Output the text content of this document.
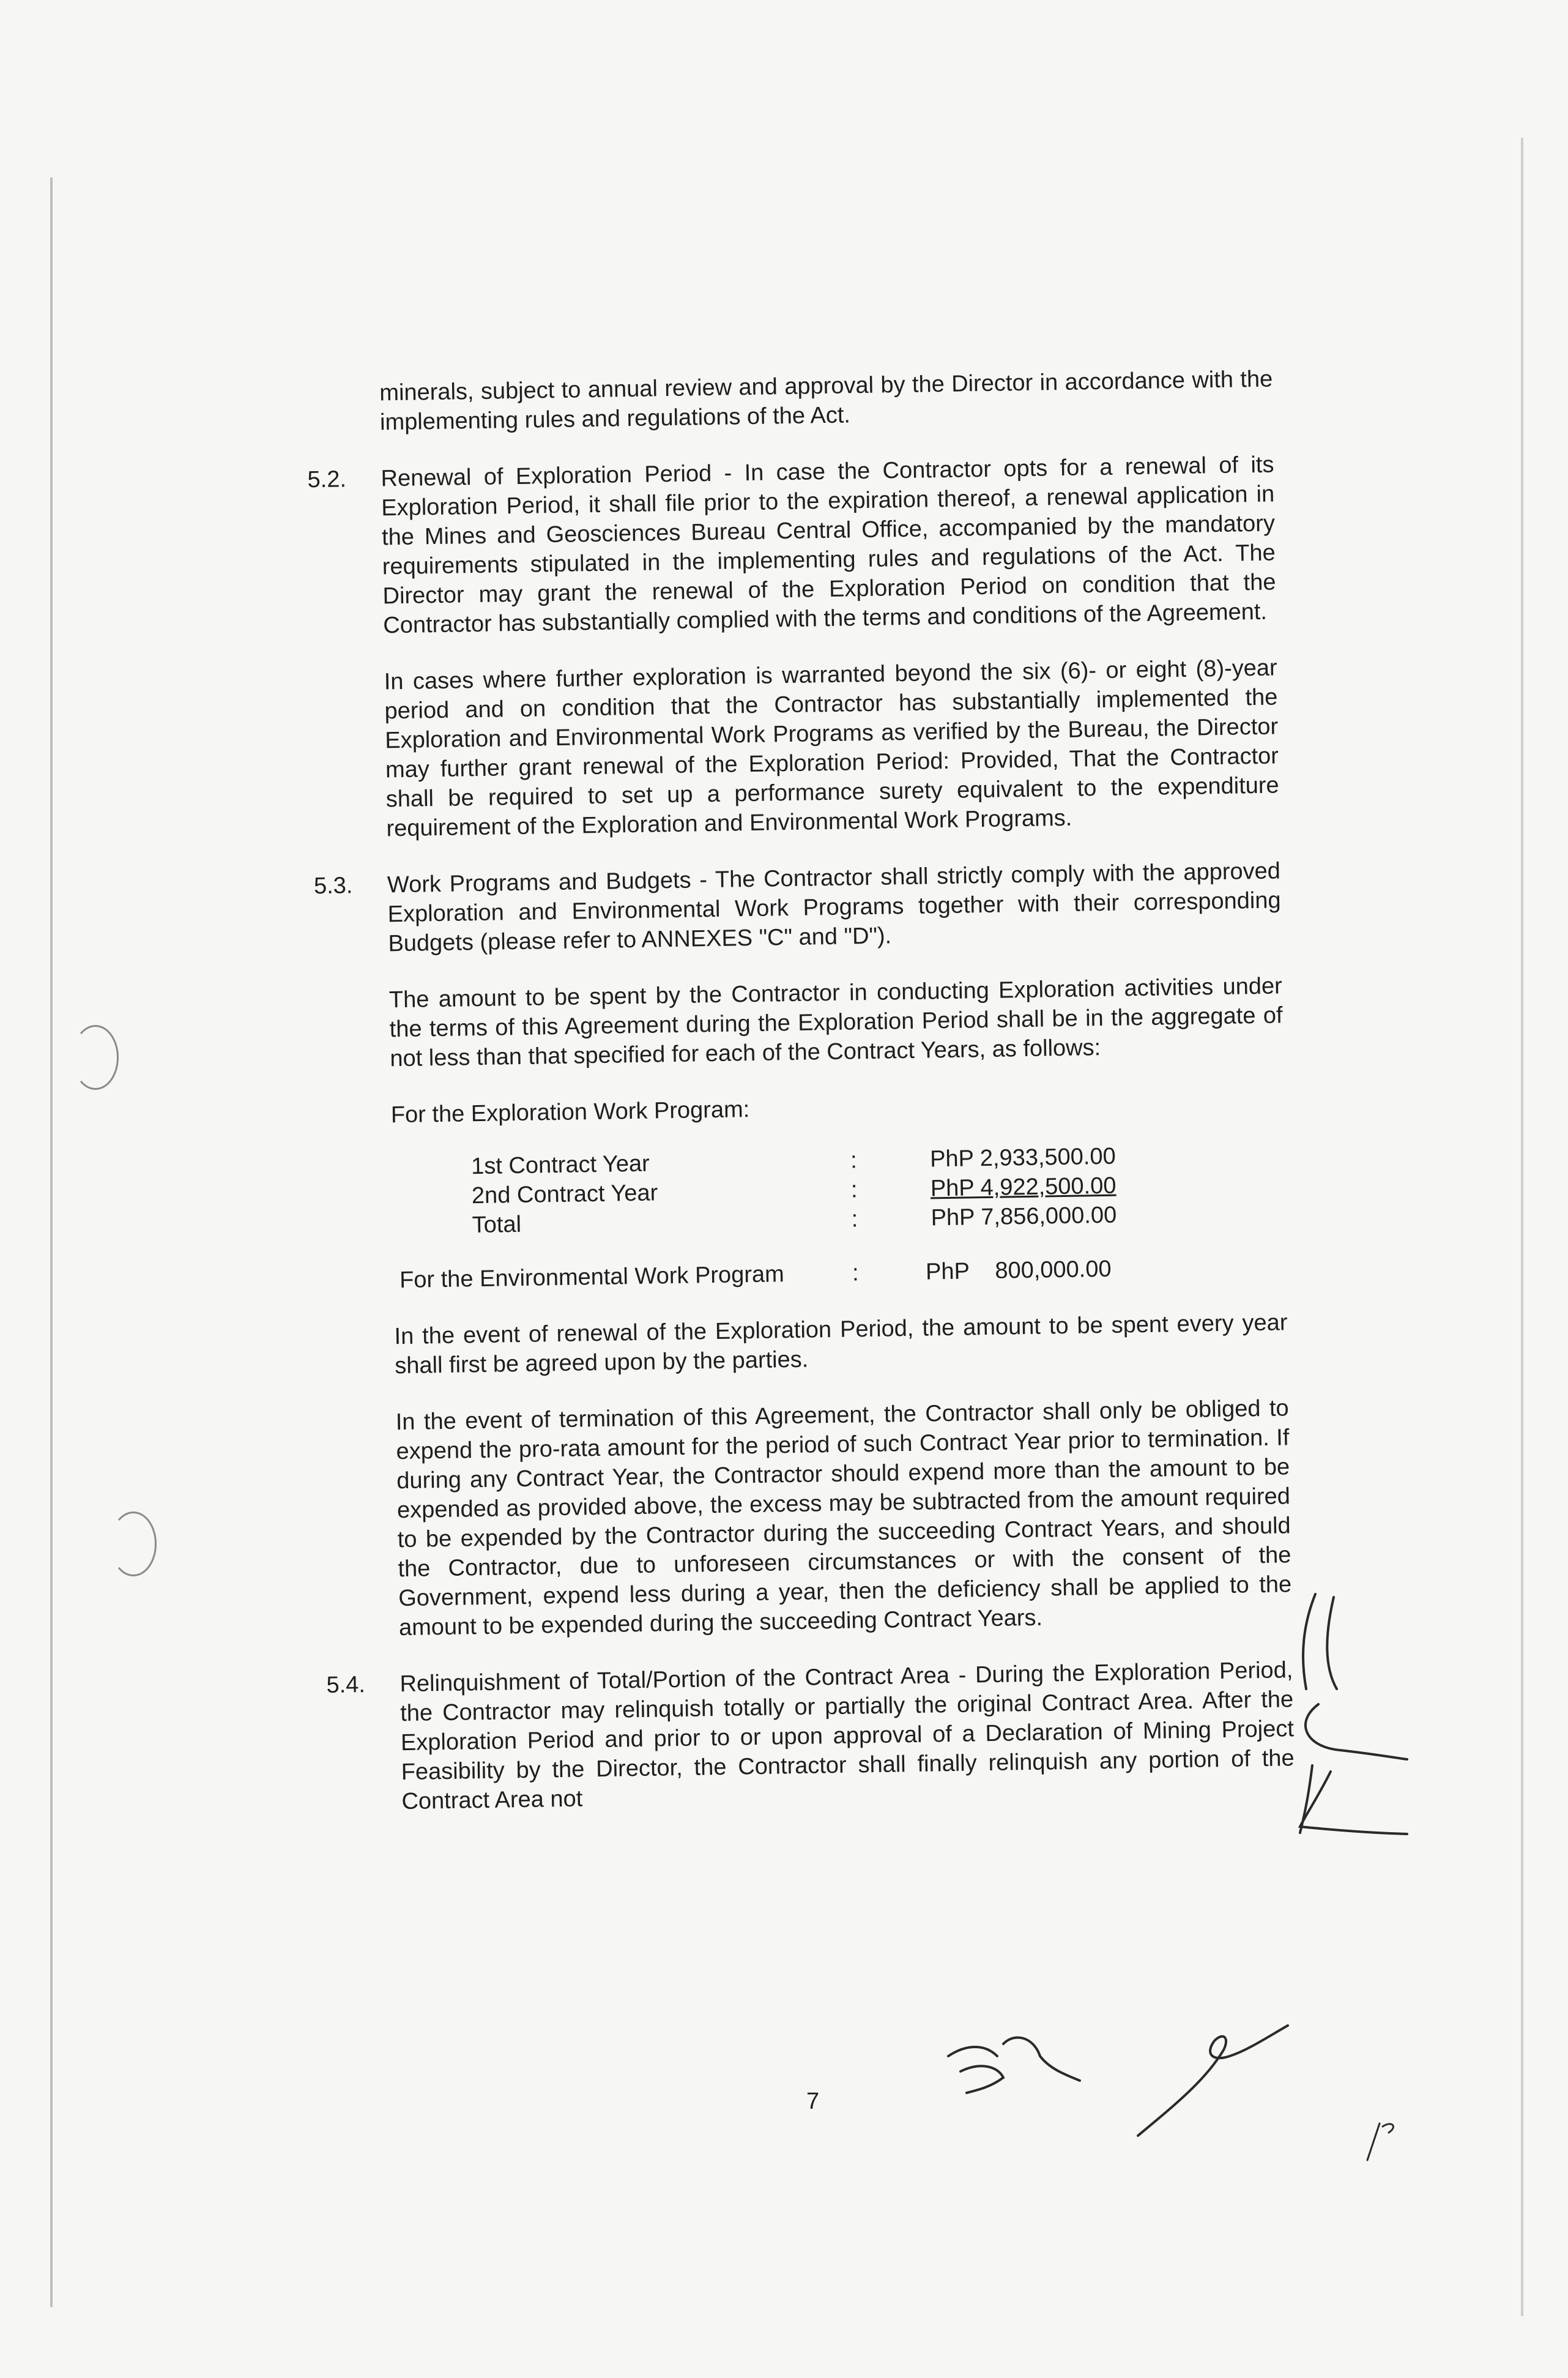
minerals, subject to annual review and approval by the Director in accordance with the implementing rules and regulations of the Act.

5.2. Renewal of Exploration Period - In case the Contractor opts for a renewal of its Exploration Period, it shall file prior to the expiration thereof, a renewal application in the Mines and Geosciences Bureau Central Office, accompanied by the mandatory requirements stipulated in the implementing rules and regulations of the Act. The Director may grant the renewal of the Exploration Period on condition that the Contractor has substantially complied with the terms and conditions of the Agreement.

In cases where further exploration is warranted beyond the six (6)- or eight (8)-year period and on condition that the Contractor has substantially implemented the Exploration and Environmental Work Programs as verified by the Bureau, the Director may further grant renewal of the Exploration Period: Provided, That the Contractor shall be required to set up a performance surety equivalent to the expenditure requirement of the Exploration and Environmental Work Programs.

5.3. Work Programs and Budgets - The Contractor shall strictly comply with the approved Exploration and Environmental Work Programs together with their corresponding Budgets (please refer to ANNEXES "C" and "D").

The amount to be spent by the Contractor in conducting Exploration activities under the terms of this Agreement during the Exploration Period shall be in the aggregate of not less than that specified for each of the Contract Years, as follows:

For the Exploration Work Program:
1st Contract Year	:	PhP 2,933,500.00
2nd Contract Year	:	PhP 4,922,500.00
Total	:	PhP 7,856,000.00
For the Environmental Work Program	:	PhP    800,000.00

In the event of renewal of the Exploration Period, the amount to be spent every year shall first be agreed upon by the parties.

In the event of termination of this Agreement, the Contractor shall only be obliged to expend the pro-rata amount for the period of such Contract Year prior to termination. If during any Contract Year, the Contractor should expend more than the amount to be expended as provided above, the excess may be subtracted from the amount required to be expended by the Contractor during the succeeding Contract Years, and should the Contractor, due to unforeseen circumstances or with the consent of the Government, expend less during a year, then the deficiency shall be applied to the amount to be expended during the succeeding Contract Years.

5.4. Relinquishment of Total/Portion of the Contract Area - During the Exploration Period, the Contractor may relinquish totally or partially the original Contract Area. After the Exploration Period and prior to or upon approval of a Declaration of Mining Project Feasibility by the Director, the Contractor shall finally relinquish any portion of the Contract Area not

7
